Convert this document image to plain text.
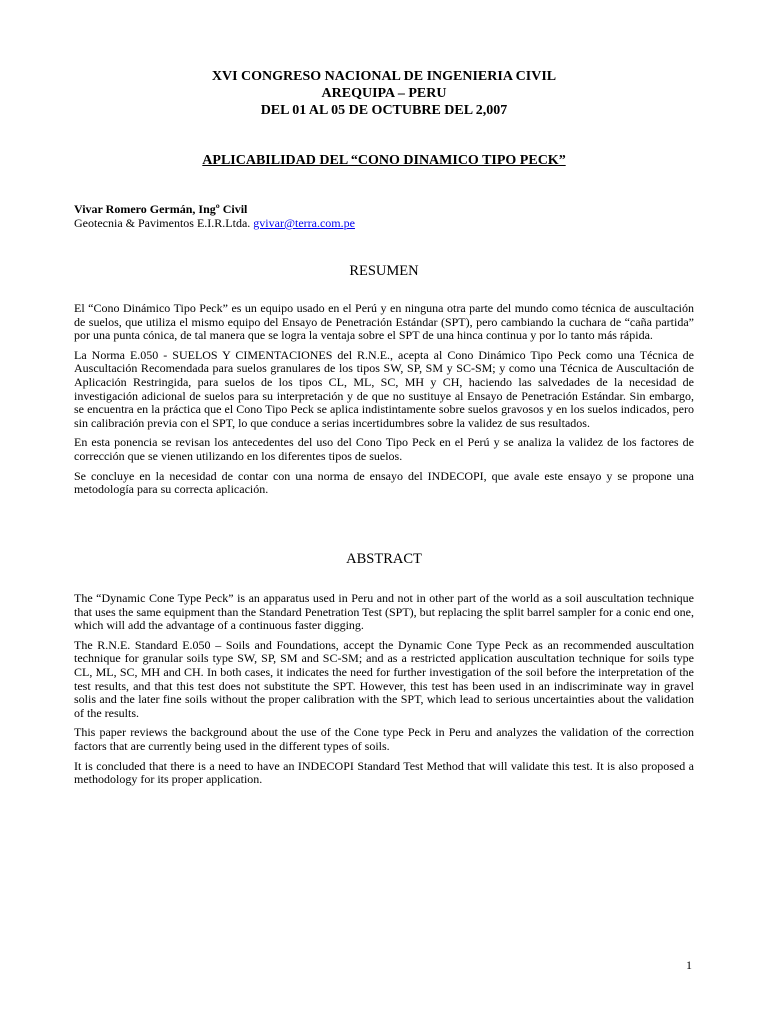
XVI CONGRESO NACIONAL DE INGENIERIA CIVIL
AREQUIPA – PERU
DEL 01 AL 05 DE OCTUBRE DEL 2,007
APLICABILIDAD DEL “CONO DINAMICO TIPO PECK”
Vivar Romero Germán, Ingº Civil
Geotecnia & Pavimentos E.I.R.Ltda. gvivar@terra.com.pe
RESUMEN

El “Cono Dinámico Tipo Peck” es un equipo usado en el Perú y en ninguna otra parte del mundo como técnica de auscultación de suelos, que utiliza el mismo equipo del Ensayo de Penetración Estándar (SPT), pero cambiando la cuchara de “caña partida” por una punta cónica, de tal manera que se logra la ventaja sobre el SPT de una hinca continua y por lo tanto más rápida.

La Norma E.050 - SUELOS Y CIMENTACIONES del R.N.E., acepta al Cono Dinámico Tipo Peck como una Técnica de Auscultación Recomendada para suelos granulares de los tipos SW, SP, SM y SC-SM; y como una Técnica de Auscultación de Aplicación Restringida, para suelos de los tipos CL, ML, SC, MH y CH, haciendo las salvedades de la necesidad de investigación adicional de suelos para su interpretación y de que no sustituye al Ensayo de Penetración Estándar. Sin embargo, se encuentra en la práctica que el Cono Tipo Peck se aplica indistintamente sobre suelos gravosos y en los suelos indicados, pero sin calibración previa con el SPT, lo que conduce a serias incertidumbres sobre la validez de sus resultados.

En esta ponencia se revisan los antecedentes del uso del Cono Tipo Peck en el Perú y se analiza la validez de los factores de corrección que se vienen utilizando en los diferentes tipos de suelos.

Se concluye en la necesidad de contar con una norma de ensayo del INDECOPI, que avale este ensayo y se propone una metodología para su correcta aplicación.

ABSTRACT

The “Dynamic Cone Type Peck” is an apparatus used in Peru and not in other part of the world as a soil auscultation technique that uses the same equipment than the Standard Penetration Test (SPT), but replacing the split barrel sampler for a conic end one, which will add the advantage of a continuous faster digging.

The R.N.E. Standard E.050 – Soils and Foundations, accept the Dynamic Cone Type Peck as an recommended auscultation technique for granular soils type SW, SP, SM and SC-SM; and as a restricted application auscultation technique for soils type CL, ML, SC, MH and CH. In both cases, it indicates the need for further investigation of the soil before the interpretation of the test results, and that this test does not substitute the SPT. However, this test has been used in an indiscriminate way in gravel solis and the later fine soils without the proper calibration with the SPT, which lead to serious uncertainties about the validation of the results.

This paper reviews the background about the use of the Cone type Peck in Peru and analyzes the validation of the correction factors that are currently being used in the different types of soils.

It is concluded that there is a need to have an INDECOPI Standard Test Method that will validate this test. It is also proposed a methodology for its proper application.

1
